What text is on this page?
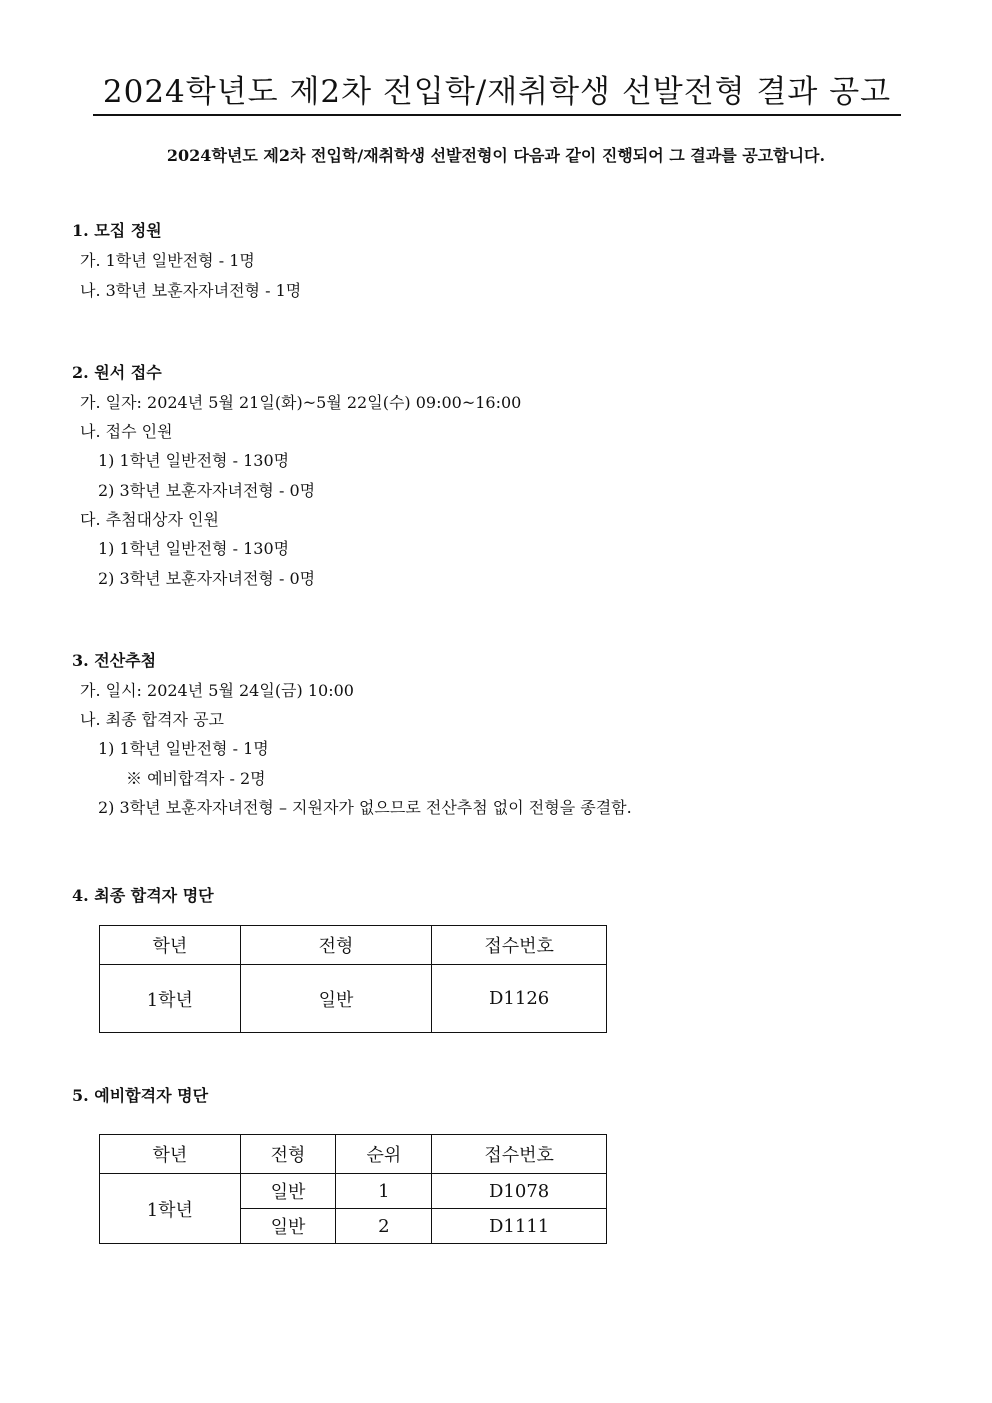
2024학년도 제2차 전입학/재취학생 선발전형 결과 공고
2024학년도 제2차 전입학/재취학생 선발전형이 다음과 같이 진행되어 그 결과를 공고합니다.
1. 모집 정원
가. 1학년 일반전형 - 1명
나. 3학년 보훈자자녀전형 - 1명
2. 원서 접수
가. 일자: 2024년 5월 21일(화)~5월 22일(수) 09:00~16:00
나. 접수 인원
1) 1학년 일반전형 - 130명
2) 3학년 보훈자자녀전형 - 0명
다. 추첨대상자 인원
1) 1학년 일반전형 - 130명
2) 3학년 보훈자자녀전형 - 0명
3. 전산추첨
가. 일시: 2024년 5월 24일(금) 10:00
나. 최종 합격자 공고
1) 1학년 일반전형 - 1명
※ 예비합격자 - 2명
2) 3학년 보훈자자녀전형 – 지원자가 없으므로 전산추첨 없이 전형을 종결함.
4. 최종 합격자 명단
학년	전형	접수번호
1학년	일반	D1126
5. 예비합격자 명단
학년	전형	순위	접수번호
1학년	일반	1	D1078
	일반	2	D1111
